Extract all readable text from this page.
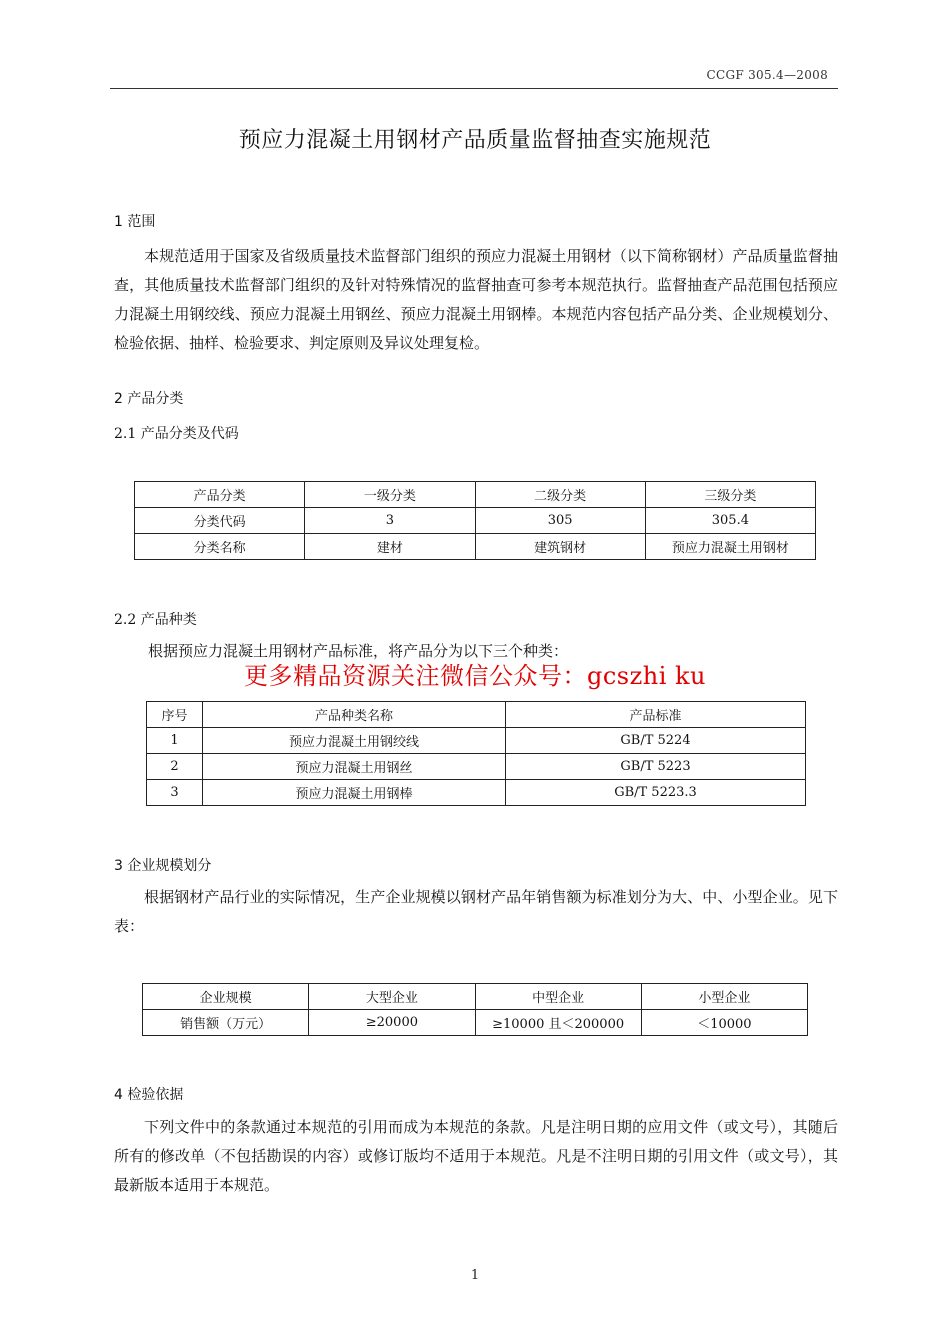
CCGF 305.4—2008
预应力混凝土用钢材产品质量监督抽查实施规范
1 范围

本规范适用于国家及省级质量技术监督部门组织的预应力混凝土用钢材（以下简称钢材）产品质量监督抽查，其他质量技术监督部门组织的及针对特殊情况的监督抽查可参考本规范执行。监督抽查产品范围包括预应力混凝土用钢绞线、预应力混凝土用钢丝、预应力混凝土用钢棒。本规范内容包括产品分类、企业规模划分、检验依据、抽样、检验要求、判定原则及异议处理复检。

2 产品分类
2.1 产品分类及代码
产品分类	一级分类	二级分类	三级分类
分类代码	3	305	305.4
分类名称	建材	建筑钢材	预应力混凝土用钢材
2.2 产品种类

根据预应力混凝土用钢材产品标准，将产品分为以下三个种类：

更多精品资源关注微信公众号：gcszhi ku
序号	产品种类名称	产品标准
1	预应力混凝土用钢绞线	GB/T 5224
2	预应力混凝土用钢丝	GB/T 5223
3	预应力混凝土用钢棒	GB/T 5223.3
3 企业规模划分

根据钢材产品行业的实际情况，生产企业规模以钢材产品年销售额为标准划分为大、中、小型企业。见下表：

企业规模	大型企业	中型企业	小型企业
销售额（万元）	≥20000	≥10000 且＜200000	＜10000
4 检验依据

下列文件中的条款通过本规范的引用而成为本规范的条款。凡是注明日期的应用文件（或文号），其随后所有的修改单（不包括勘误的内容）或修订版均不适用于本规范。凡是不注明日期的引用文件（或文号），其最新版本适用于本规范。

1
